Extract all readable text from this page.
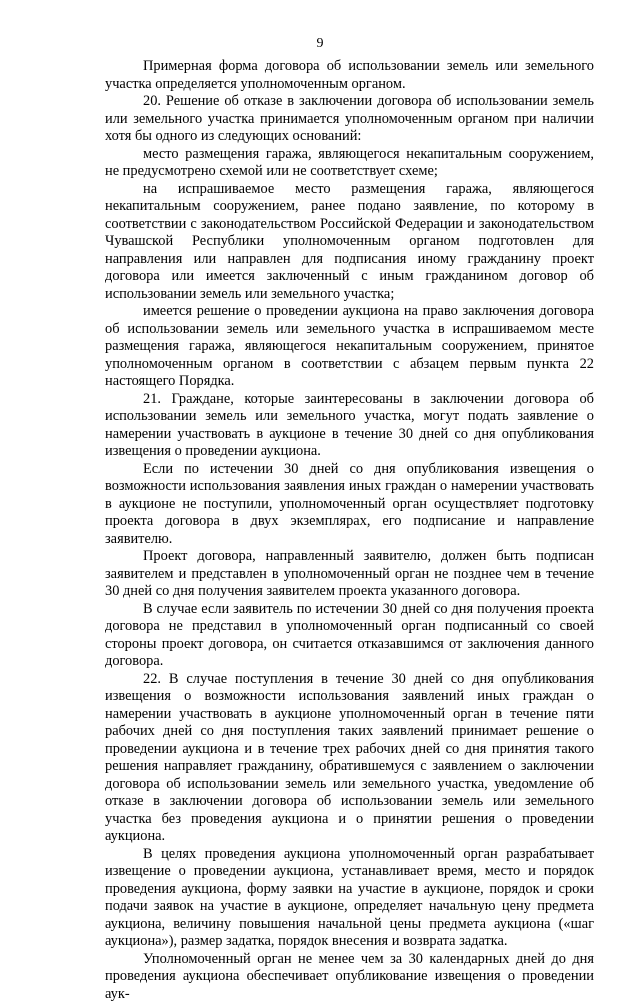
9

Примерная форма договора об использовании земель или земельного участка определяется уполномоченным органом.

20. Решение об отказе в заключении договора об использовании земель или земельного участка принимается уполномоченным органом при наличии хотя бы одного из следующих оснований:

место размещения гаража, являющегося некапитальным сооружением, не предусмотрено схемой или не соответствует схеме;

на испрашиваемое место размещения гаража, являющегося некапитальным сооружением, ранее подано заявление, по которому в соответствии с законодательством Российской Федерации и законодательством Чувашской Республики уполномоченным органом подготовлен для направления или направлен для подписания иному гражданину проект договора или имеется заключенный с иным гражданином договор об использовании земель или земельного участка;

имеется решение о проведении аукциона на право заключения договора об использовании земель или земельного участка в испрашиваемом месте размещения гаража, являющегося некапитальным сооружением, принятое уполномоченным органом в соответствии с абзацем первым пункта 22 настоящего Порядка.

21. Граждане, которые заинтересованы в заключении договора об использовании земель или земельного участка, могут подать заявление о намерении участвовать в аукционе в течение 30 дней со дня опубликования извещения о проведении аукциона.

Если по истечении 30 дней со дня опубликования извещения о возможности использования заявления иных граждан о намерении участвовать в аукционе не поступили, уполномоченный орган осуществляет подготовку проекта договора в двух экземплярах, его подписание и направление заявителю.

Проект договора, направленный заявителю, должен быть подписан заявителем и представлен в уполномоченный орган не позднее чем в течение 30 дней со дня получения заявителем проекта указанного договора.

В случае если заявитель по истечении 30 дней со дня получения проекта договора не представил в уполномоченный орган подписанный со своей стороны проект договора, он считается отказавшимся от заключения данного договора.

22. В случае поступления в течение 30 дней со дня опубликования извещения о возможности использования заявлений иных граждан о намерении участвовать в аукционе уполномоченный орган в течение пяти рабочих дней со дня поступления таких заявлений принимает решение о проведении аукциона и в течение трех рабочих дней со дня принятия такого решения направляет гражданину, обратившемуся с заявлением о заключении договора об использовании земель или земельного участка, уведомление об отказе в заключении договора об использовании земель или земельного участка без проведения аукциона и о принятии решения о проведении аукциона.

В целях проведения аукциона уполномоченный орган разрабатывает извещение о проведении аукциона, устанавливает время, место и порядок проведения аукциона, форму заявки на участие в аукционе, порядок и сроки подачи заявок на участие в аукционе, определяет начальную цену предмета аукциона, величину повышения начальной цены предмета аукциона («шаг аукциона»), размер задатка, порядок внесения и возврата задатка.

Уполномоченный орган не менее чем за 30 календарных дней до дня проведения аукциона обеспечивает опубликование извещения о проведении аук-
